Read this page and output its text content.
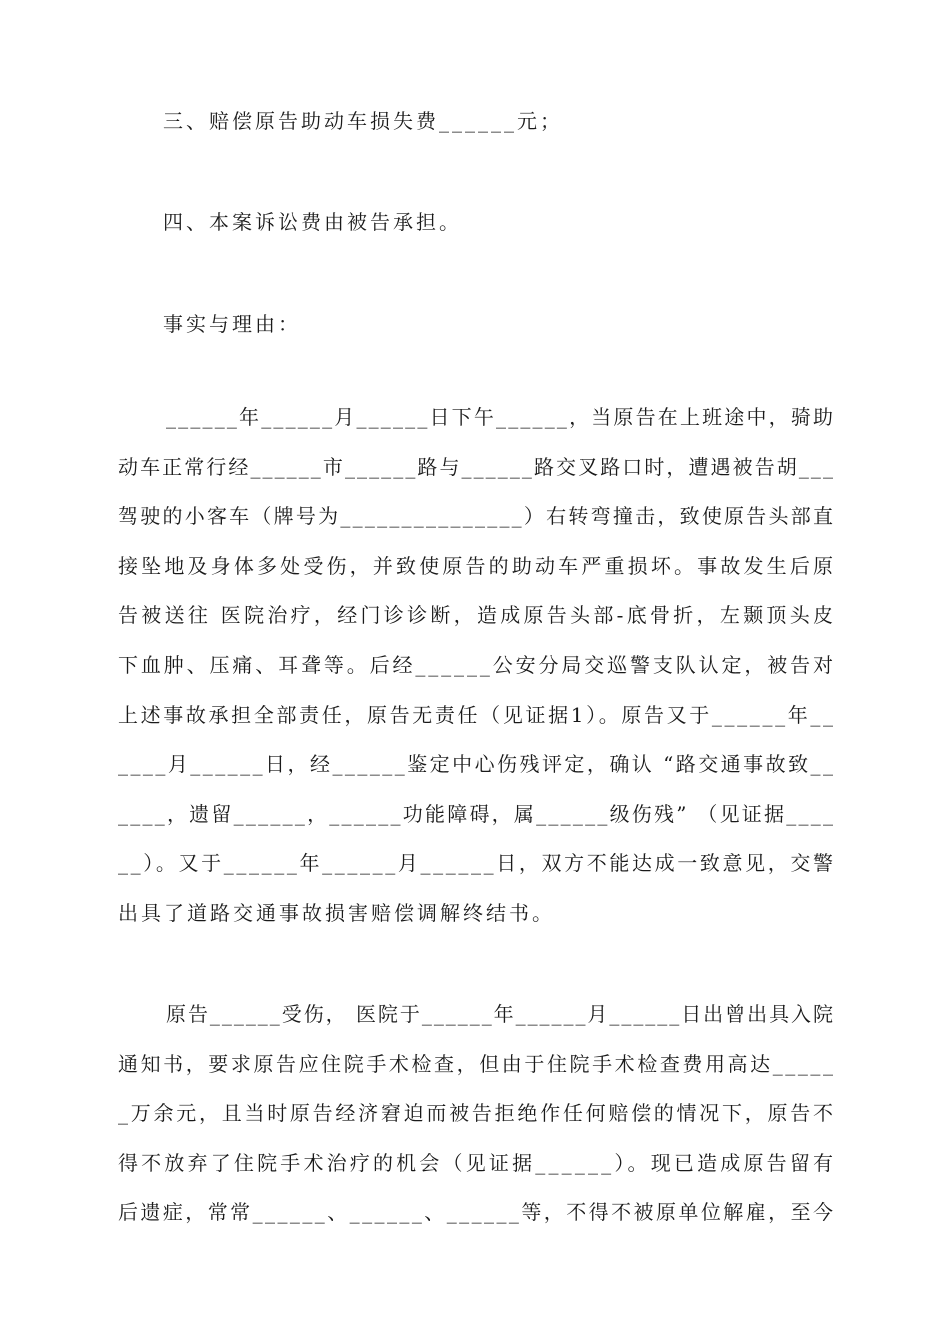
三、赔偿原告助动车损失费______元；

四、本案诉讼费由被告承担。

事实与理由：

______年______月______日下午______，当原告在上班途中，骑助
动车正常行经______市______路与______路交叉路口时，遭遇被告胡___
驾驶的小客车（牌号为_______________）右转弯撞击，致使原告头部直
接坠地及身体多处受伤，并致使原告的助动车严重损坏。事故发生后原
告被送往 医院治疗，经门诊诊断，造成原告头部-底骨折，左颞顶头皮
下血肿、压痛、耳聋等。后经______公安分局交巡警支队认定，被告对
上述事故承担全部责任，原告无责任（见证据1）。原告又于______年__
____月______日，经______鉴定中心伤残评定，确认 “路交通事故致__
____，遗留______，______功能障碍，属______级伤残” （见证据____
__）。又于______年______月______日，双方不能达成一致意见，交警
出具了道路交通事故损害赔偿调解终结书。
原告______受伤， 医院于______年______月______日出曾出具入院
通知书，要求原告应住院手术检查，但由于住院手术检查费用高达_____
_万余元，且当时原告经济窘迫而被告拒绝作任何赔偿的情况下，原告不
得不放弃了住院手术治疗的机会（见证据______）。现已造成原告留有
后遗症，常常______、______、______等，不得不被原单位解雇，至今
